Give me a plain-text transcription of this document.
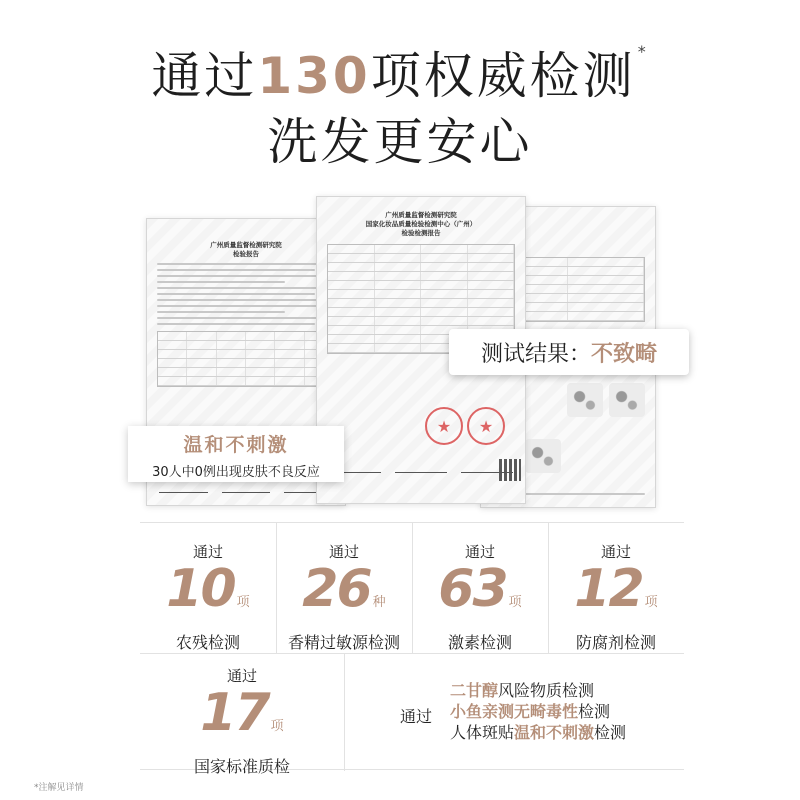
通过130项权威检测 *
洗发更安心
广州质量监督检测研究院
检验报告
广州质量监督检测研究院
国家化妆品质量检验检测中心（广州）
检验检测报告
★	★
测试结果： 不致畸
温和不刺激
30人中0例出现皮肤不良反应
通过
10 项
农残检测
通过
26 种
香精过敏源检测
通过
63 项
激素检测
通过
12 项
防腐剂检测
通过
17 项
国家标准质检
通过
二甘醇风险物质检测
小鱼亲测无畸毒性检测
人体斑贴温和不刺激检测
*注解见详情
